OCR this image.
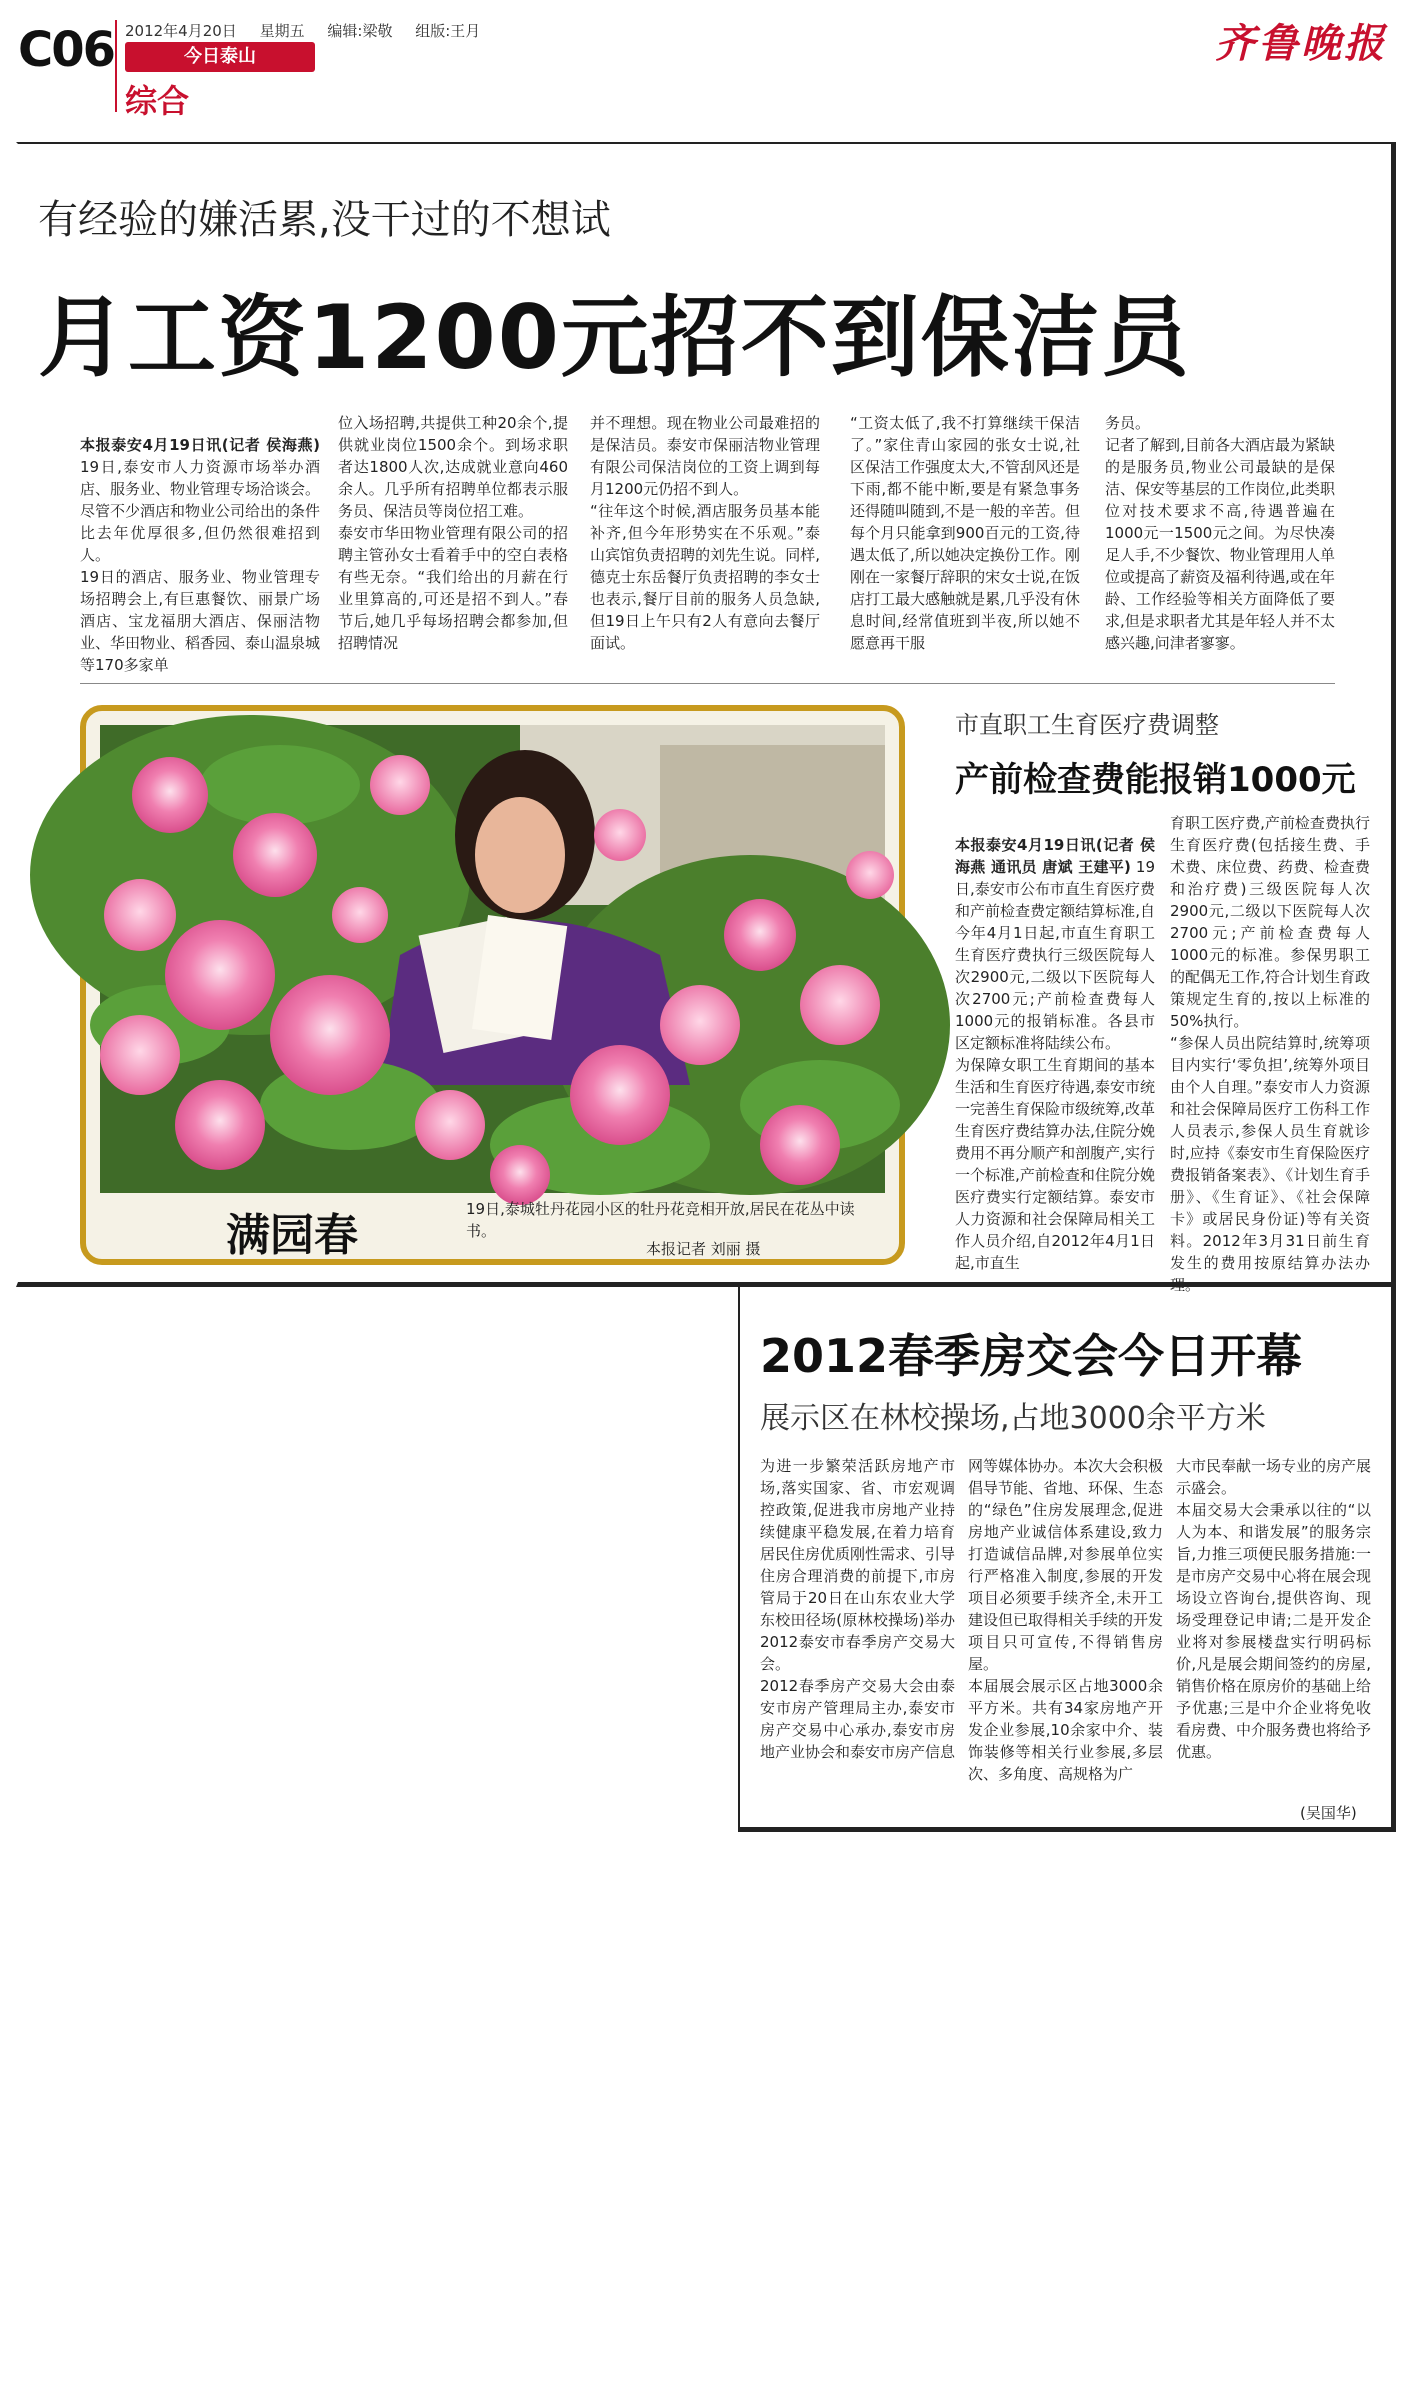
C06 2012年4月20日 星期五 编辑:梁敬 组版:王月
今日泰山
综合
齐鲁晚报
有经验的嫌活累,没干过的不想试
月工资1200元招不到保洁员

本报泰安4月19日讯(记者 侯海燕) 19日,泰安市人力资源市场举办酒店、服务业、物业管理专场洽谈会。尽管不少酒店和物业公司给出的条件比去年优厚很多,但仍然很难招到人。
19日的酒店、服务业、物业管理专场招聘会上,有巨惠餐饮、丽景广场酒店、宝龙福朋大酒店、保丽洁物业、华田物业、稻香园、泰山温泉城等170多家单

位入场招聘,共提供工种20余个,提供就业岗位1500余个。到场求职者达1800人次,达成就业意向460余人。几乎所有招聘单位都表示服务员、保洁员等岗位招工难。
泰安市华田物业管理有限公司的招聘主管孙女士看着手中的空白表格有些无奈。“我们给出的月薪在行业里算高的,可还是招不到人。”春节后,她几乎每场招聘会都参加,但招聘情况
并不理想。现在物业公司最难招的是保洁员。泰安市保丽洁物业管理有限公司保洁岗位的工资上调到每月1200元仍招不到人。
“往年这个时候,酒店服务员基本能补齐,但今年形势实在不乐观。”泰山宾馆负责招聘的刘先生说。同样,德克士东岳餐厅负责招聘的李女士也表示,餐厅目前的服务人员急缺,但19日上午只有2人有意向去餐厅面试。
“工资太低了,我不打算继续干保洁了。”家住青山家园的张女士说,社区保洁工作强度太大,不管刮风还是下雨,都不能中断,要是有紧急事务还得随叫随到,不是一般的辛苦。但每个月只能拿到900百元的工资,待遇太低了,所以她决定换份工作。刚刚在一家餐厅辞职的宋女士说,在饭店打工最大感触就是累,几乎没有休息时间,经常值班到半夜,所以她不愿意再干服
务员。
记者了解到,目前各大酒店最为紧缺的是服务员,物业公司最缺的是保洁、保安等基层的工作岗位,此类职位对技术要求不高,待遇普遍在1000元一1500元之间。为尽快凑足人手,不少餐饮、物业管理用人单位或提高了薪资及福利待遇,或在年龄、工作经验等相关方面降低了要求,但是求职者尤其是年轻人并不太感兴趣,问津者寥寥。
满园春
19日,泰城牡丹花园小区的牡丹花竞相开放,居民在花丛中读书。
本报记者 刘丽 摄
市直职工生育医疗费调整
产前检查费能报销1000元

本报泰安4月19日讯(记者 侯海燕 通讯员 唐斌 王建平) 19日,泰安市公布市直生育医疗费和产前检查费定额结算标准,自今年4月1日起,市直生育职工生育医疗费执行三级医院每人次2900元,二级以下医院每人次2700元;产前检查费每人1000元的报销标准。各县市区定额标准将陆续公布。
为保障女职工生育期间的基本生活和生育医疗待遇,泰安市统一完善生育保险市级统筹,改革生育医疗费结算办法,住院分娩费用不再分顺产和剖腹产,实行一个标准,产前检查和住院分娩医疗费实行定额结算。泰安市人力资源和社会保障局相关工作人员介绍,自2012年4月1日起,市直生

育职工医疗费,产前检查费执行生育医疗费(包括接生费、手术费、床位费、药费、检查费和治疗费)三级医院每人次2900元,二级以下医院每人次2700元;产前检查费每人1000元的标准。参保男职工的配偶无工作,符合计划生育政策规定生育的,按以上标准的50%执行。
“参保人员出院结算时,统筹项目内实行‘零负担’,统筹外项目由个人自理。”泰安市人力资源和社会保障局医疗工伤科工作人员表示,参保人员生育就诊时,应持《泰安市生育保险医疗费报销备案表》、《计划生育手册》、《生育证》、《社会保障卡》或居民身份证)等有关资料。2012年3月31日前生育发生的费用按原结算办法办理。
2012春季房交会今日开幕
展示区在林校操场,占地3000余平方米
为进一步繁荣活跃房地产市场,落实国家、省、市宏观调控政策,促进我市房地产业持续健康平稳发展,在着力培育居民住房优质刚性需求、引导住房合理消费的前提下,市房管局于20日在山东农业大学东校田径场(原林校操场)举办2012泰安市春季房产交易大会。
2012春季房产交易大会由泰安市房产管理局主办,泰安市房产交易中心承办,泰安市房地产业协会和泰安市房产信息
网等媒体协办。本次大会积极倡导节能、省地、环保、生态的“绿色”住房发展理念,促进房地产业诚信体系建设,致力打造诚信品牌,对参展单位实行严格准入制度,参展的开发项目必须要手续齐全,未开工建设但已取得相关手续的开发项目只可宣传,不得销售房屋。
本届展会展示区占地3000余平方米。共有34家房地产开发企业参展,10余家中介、装饰装修等相关行业参展,多层次、多角度、高规格为广
大市民奉献一场专业的房产展示盛会。
本届交易大会秉承以往的“以人为本、和谐发展”的服务宗旨,力推三项便民服务措施:一是市房产交易中心将在展会现场设立咨询台,提供咨询、现场受理登记申请;二是开发企业将对参展楼盘实行明码标价,凡是展会期间签约的房屋,销售价格在原房价的基础上给予优惠;三是中介企业将免收看房费、中介服务费也将给予优惠。
(吴国华)
